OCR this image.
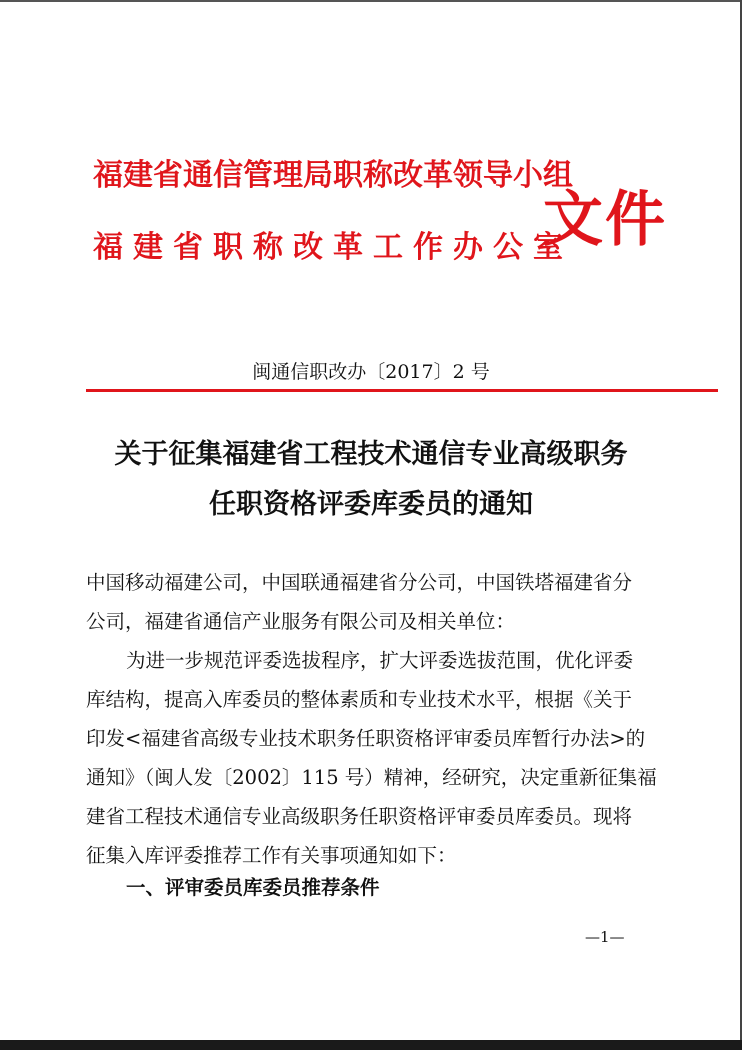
福建省通信管理局职称改革领导小组
福建省职称改革工作办公室
文件
闽通信职改办〔2017〕2 号
关于征集福建省工程技术通信专业高级职务
任职资格评委库委员的通知
中国移动福建公司，中国联通福建省分公司，中国铁塔福建省分
公司，福建省通信产业服务有限公司及相关单位：
为进一步规范评委选拔程序，扩大评委选拔范围，优化评委
库结构，提高入库委员的整体素质和专业技术水平，根据《关于
印发<福建省高级专业技术职务任职资格评审委员库暂行办法>的
通知》（闽人发〔2002〕115 号）精神，经研究，决定重新征集福
建省工程技术通信专业高级职务任职资格评审委员库委员。现将
征集入库评委推荐工作有关事项通知如下：
一、评审委员库委员推荐条件
—1—
